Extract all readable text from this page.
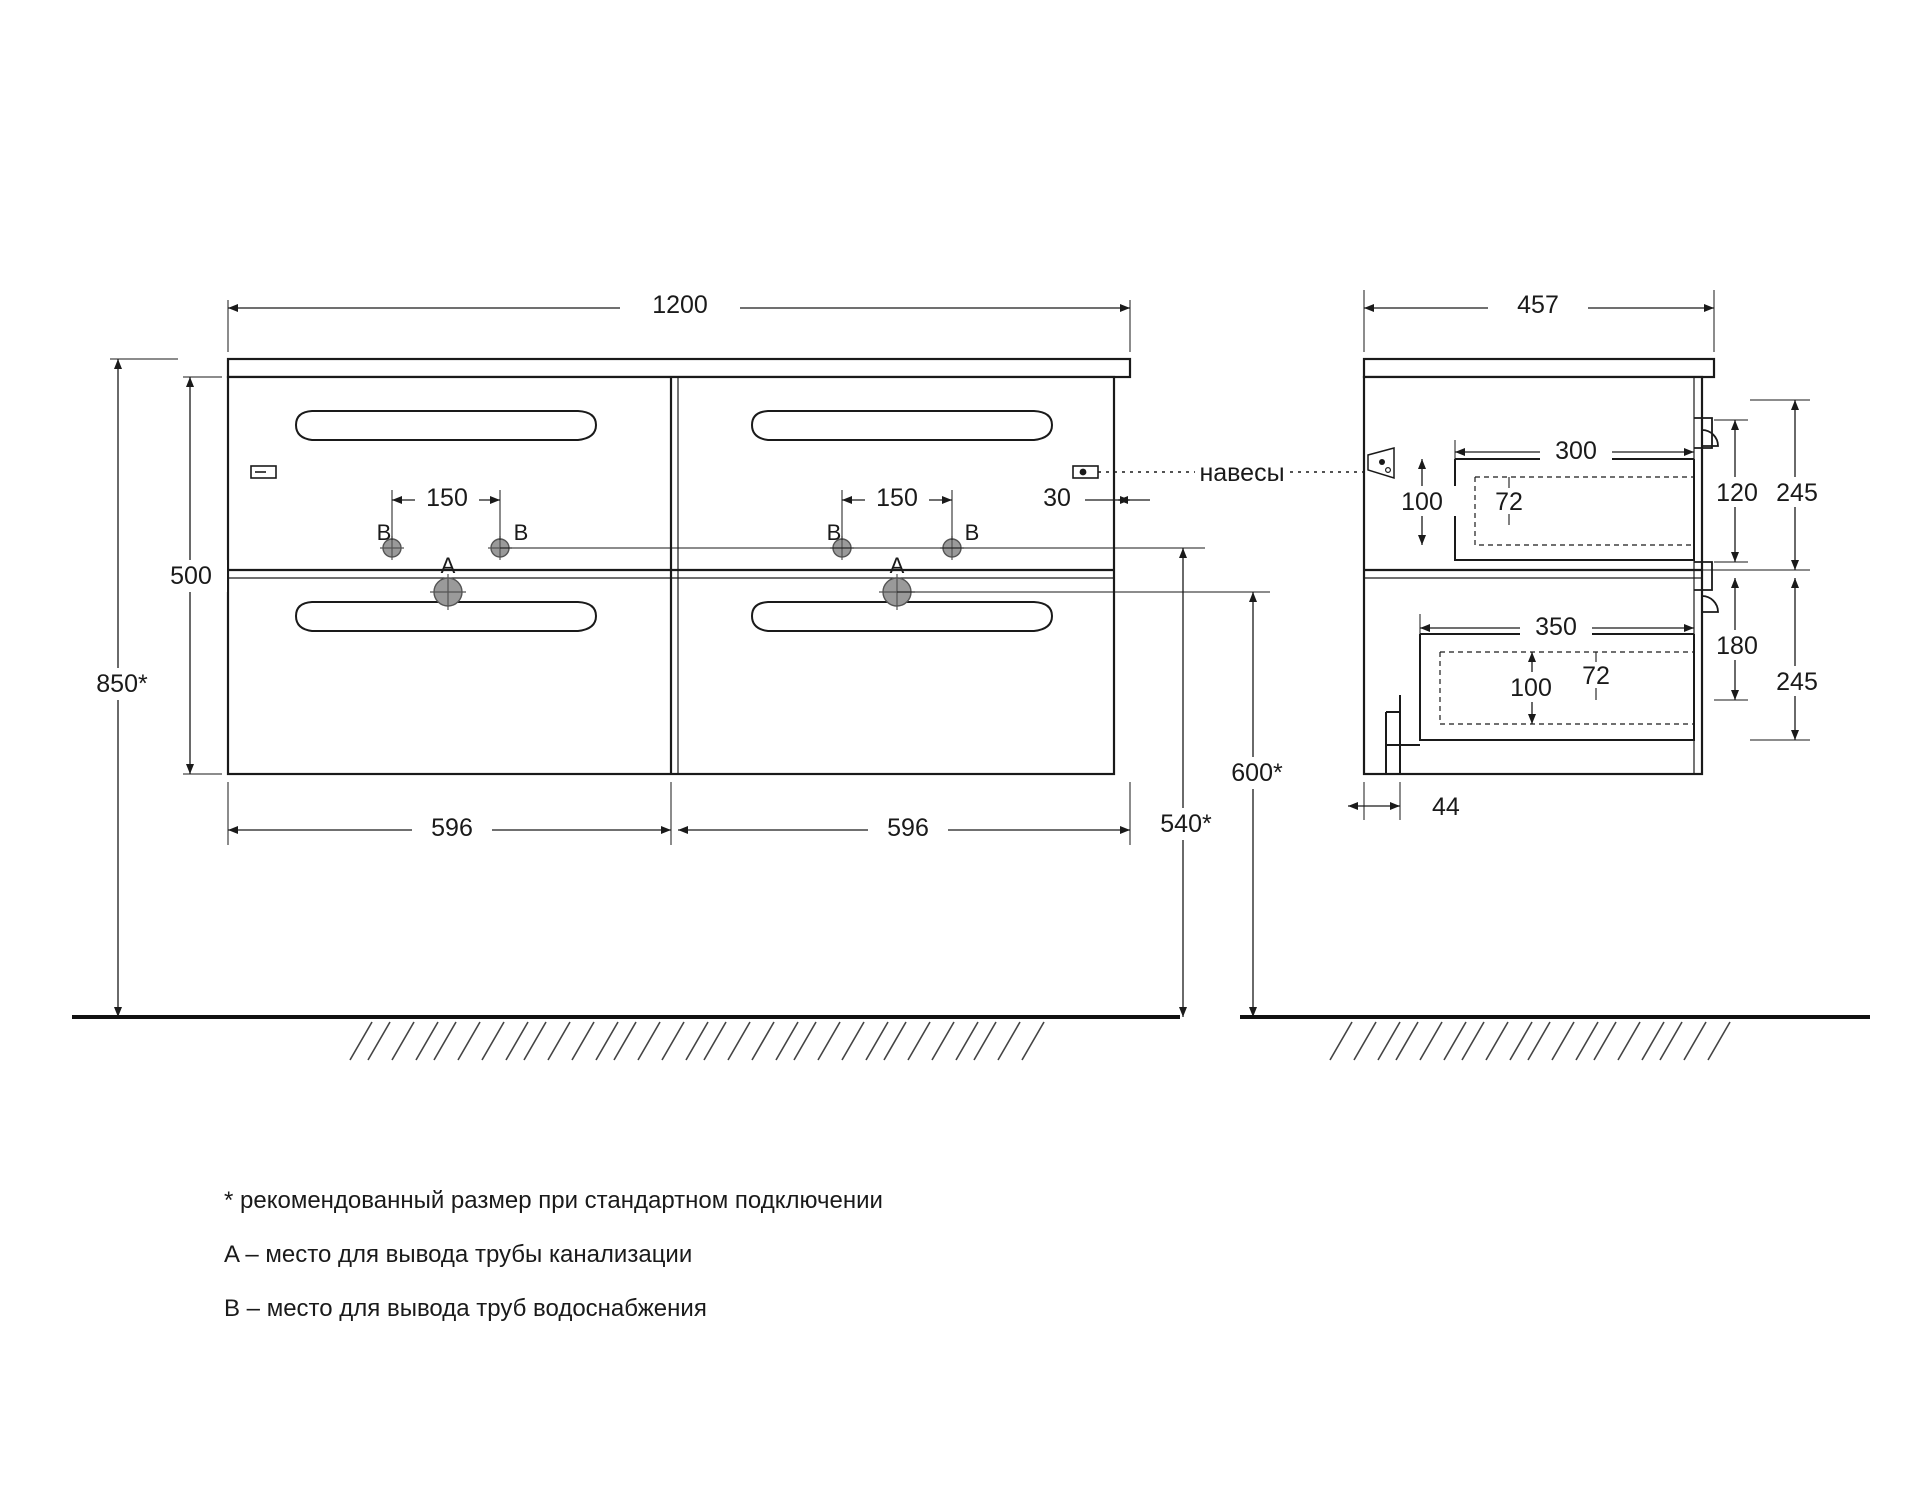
B	B	B	B
A	A
1200
500
850*
150	150	30
596	596	540*
600*
навесы
457
300
350
100 72
100 72
120
180
245
245
44
* рекомендованный размер при стандартном подключении
A – место для вывода трубы канализации
B – место для вывода труб водоснабжения
